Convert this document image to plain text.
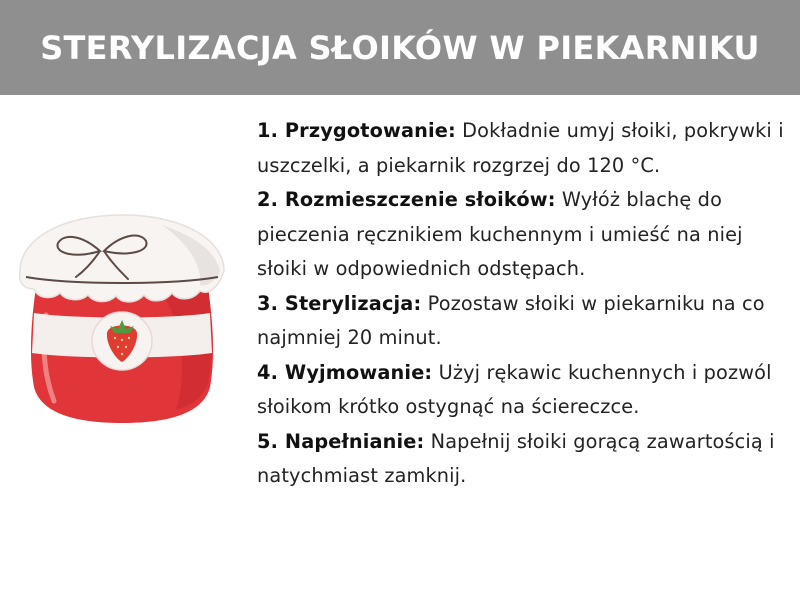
STERYLIZACJA SŁOIKÓW W PIEKARNIKU
1. Przygotowanie: Dokładnie umyj słoiki, pokrywki i uszczelki, a piekarnik rozgrzej do 120 °C.
2. Rozmieszczenie słoików: Wyłóż blachę do pieczenia ręcznikiem kuchennym i umieść na niej słoiki w odpowiednich odstępach.
3. Sterylizacja: Pozostaw słoiki w piekarniku na co najmniej 20 minut.
4. Wyjmowanie: Użyj rękawic kuchennych i pozwól słoikom krótko ostygnąć na ściereczce.
5. Napełnianie: Napełnij słoiki gorącą zawartością i natychmiast zamknij.
